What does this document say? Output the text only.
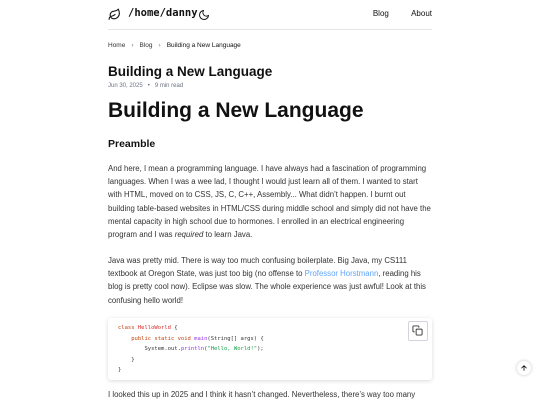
/home/danny	Blog	About
Home › Blog › Building a New Language
Building a New Language
Jun 30, 2025 • 9 min read
Building a New Language
Preamble
And here, I mean a programming language. I have always had a fascination of programming languages. When I was a wee lad, I thought I would just learn all of them. I wanted to start with HTML, moved on to CSS, JS, C, C++, Assembly... What didn’t happen. I burnt out building table-based websites in HTML/CSS during middle school and simply did not have the mental capacity in high school due to hormones. I enrolled in an electrical engineering program and I was required to learn Java.
Java was pretty mid. There is way too much confusing boilerplate. Big Java, my CS111 textbook at Oregon State, was just too big (no offense to Professor Horstmann, reading his blog is pretty cool now). Eclipse was slow. The whole experience was just awful! Look at this confusing hello world!
class HelloWorld {
public static void main(String[] args) {
System.out.println("Hello, World!");
}
}
I looked this up in 2025 and I think it hasn’t changed. Nevertheless, there’s way too many
